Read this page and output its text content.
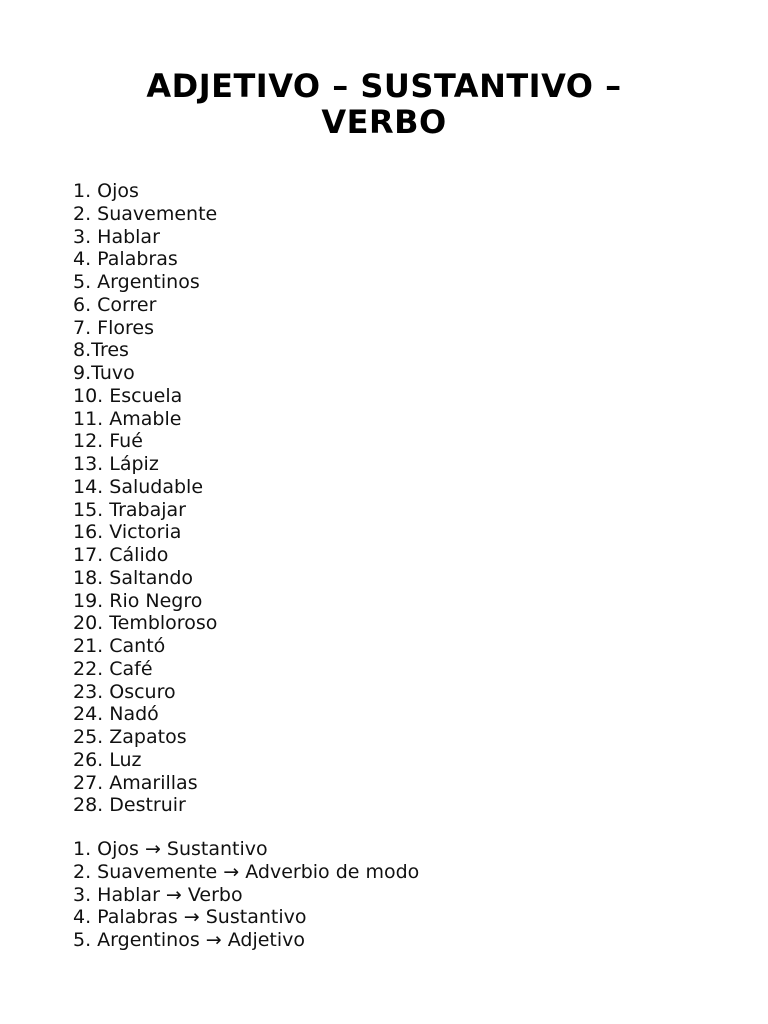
ADJETIVO – SUSTANTIVO – VERBO
1. Ojos
2. Suavemente
3. Hablar
4. Palabras
5. Argentinos
6. Correr
7. Flores
8.Tres
9.Tuvo
10. Escuela
11. Amable
12. Fué
13. Lápiz
14. Saludable
15. Trabajar
16. Victoria
17. Cálido
18. Saltando
19. Rio Negro
20. Tembloroso
21. Cantó
22. Café
23. Oscuro
24. Nadó
25. Zapatos
26. Luz
27. Amarillas
28. Destruir
1. Ojos → Sustantivo
2. Suavemente → Adverbio de modo
3. Hablar → Verbo
4. Palabras → Sustantivo
5. Argentinos → Adjetivo
